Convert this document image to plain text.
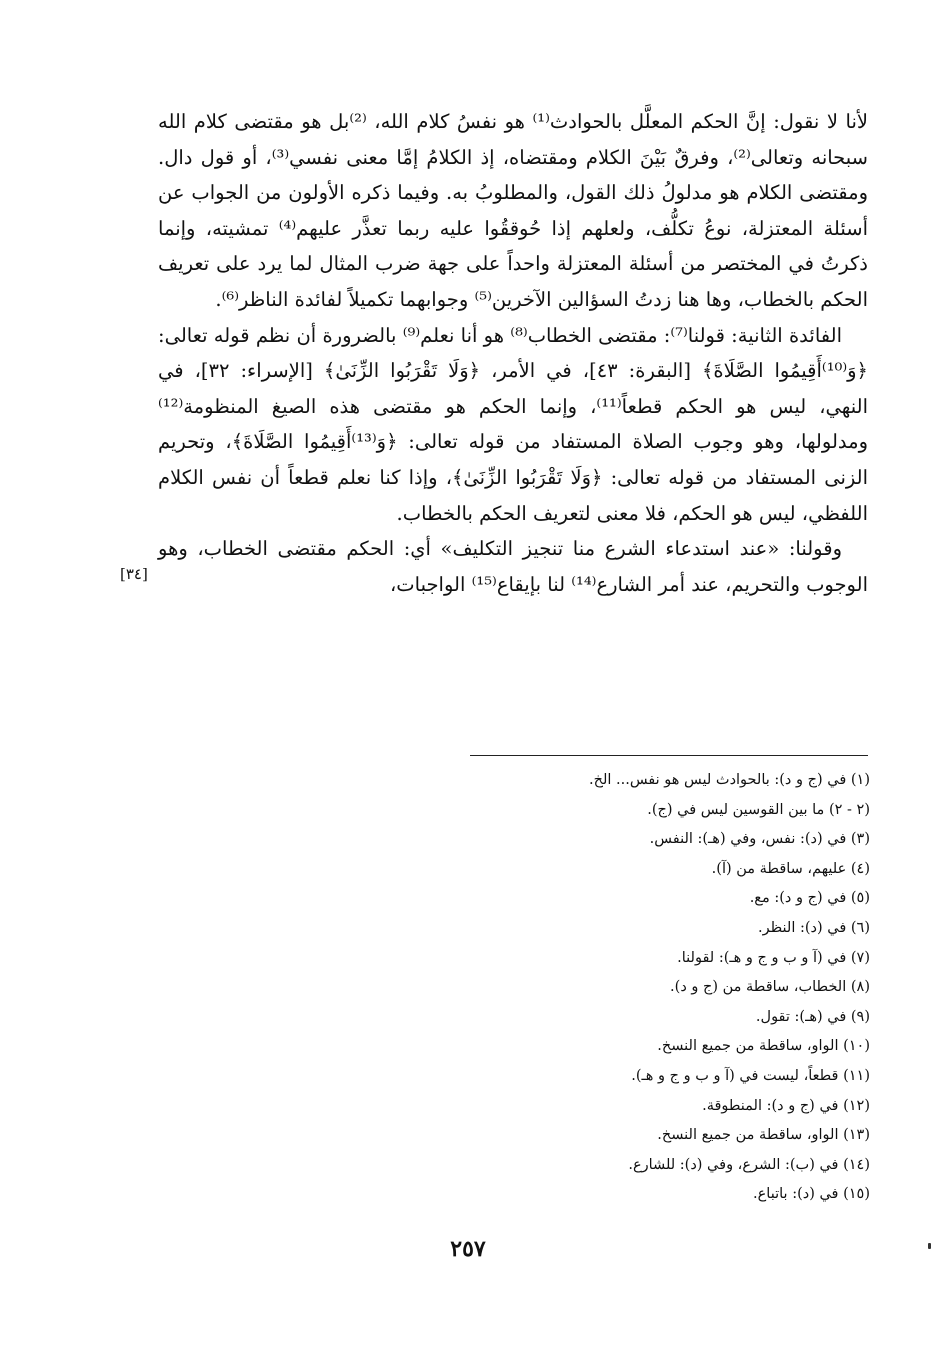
لأنا لا نقول: إنَّ الحكم المعلَّل بالحوادث⁽¹⁾ هو نفسُ كلام الله، ⁽²⁾بل هو مقتضى كلام الله سبحانه وتعالى⁽²⁾، وفرقٌ بَيْنَ الكلام ومقتضاه، إذ الكلامُ إمَّا معنى نفسي⁽³⁾، أو قول دال. ومقتضى الكلام هو مدلولُ ذلك القول، والمطلوبُ به. وفيما ذكره الأولون من الجواب عن أسئلة المعتزلة، نوعُ تكلُّف، ولعلهم إذا حُوققُوا عليه ربما تعذَّر عليهم⁽⁴⁾ تمشيته، وإنما ذكرتُ في المختصر من أسئلة المعتزلة واحداً على جهة ضرب المثال لما يرد على تعريف الحكم بالخطاب، وها هنا زدتُ السؤالين الآخرين⁽⁵⁾ وجوابهما تكميلاً لفائدة الناظر⁽⁶⁾.

الفائدة الثانية: قولنا⁽⁷⁾: مقتضى الخطاب⁽⁸⁾ هو أنا نعلم⁽⁹⁾ بالضرورة أن نظم قوله تعالى: ﴿وَ⁽¹⁰⁾أَقِيمُوا الصَّلَاةَ﴾ [البقرة: ٤٣]، في الأمر، ﴿وَلَا تَقْرَبُوا الزِّنَىٰ﴾ [الإسراء: ٣٢]، في النهي، ليس هو الحكم قطعاً⁽¹¹⁾، وإنما الحكم هو مقتضى هذه الصيغ المنظومة⁽¹²⁾ ومدلولها، وهو وجوب الصلاة المستفاد من قوله تعالى: ﴿وَ⁽¹³⁾أَقِيمُوا الصَّلَاةَ﴾، وتحريم الزنى المستفاد من قوله تعالى: ﴿وَلَا تَقْرَبُوا الزِّنَىٰ﴾، وإذا كنا نعلم قطعاً أن نفس الكلام اللفظي، ليس هو الحكم، فلا معنى لتعريف الحكم بالخطاب.

وقولنا: «عند استدعاء الشرع منا تنجيز التكليف» أي: الحكم مقتضى الخطاب، وهو الوجوب والتحريم، عند أمر الشارع⁽¹⁴⁾ لنا بإيقاع⁽¹⁵⁾ الواجبات،

[٣٤]
(١) في (ج و د): بالحوادث ليس هو نفس... الخ.
(٢ - ٢) ما بين القوسين ليس في (ج).
(٣) في (د): نفس، وفي (هـ): النفس.
(٤) عليهم، ساقطة من (آ).
(٥) في (ج و د): مع.
(٦) في (د): النظر.
(٧) في (آ و ب و ج و هـ): لقولنا.
(٨) الخطاب، ساقطة من (ج و د).
(٩) في (هـ): تقول.
(١٠) الواو، ساقطة من جميع النسخ.
(١١) قطعاً، ليست في (آ و ب و ج و هـ).
(١٢) في (ج و د): المنطوقة.
(١٣) الواو، ساقطة من جميع النسخ.
(١٤) في (ب): الشرع، وفي (د): للشارع.
(١٥) في (د): باتباع.
٢٥٧
